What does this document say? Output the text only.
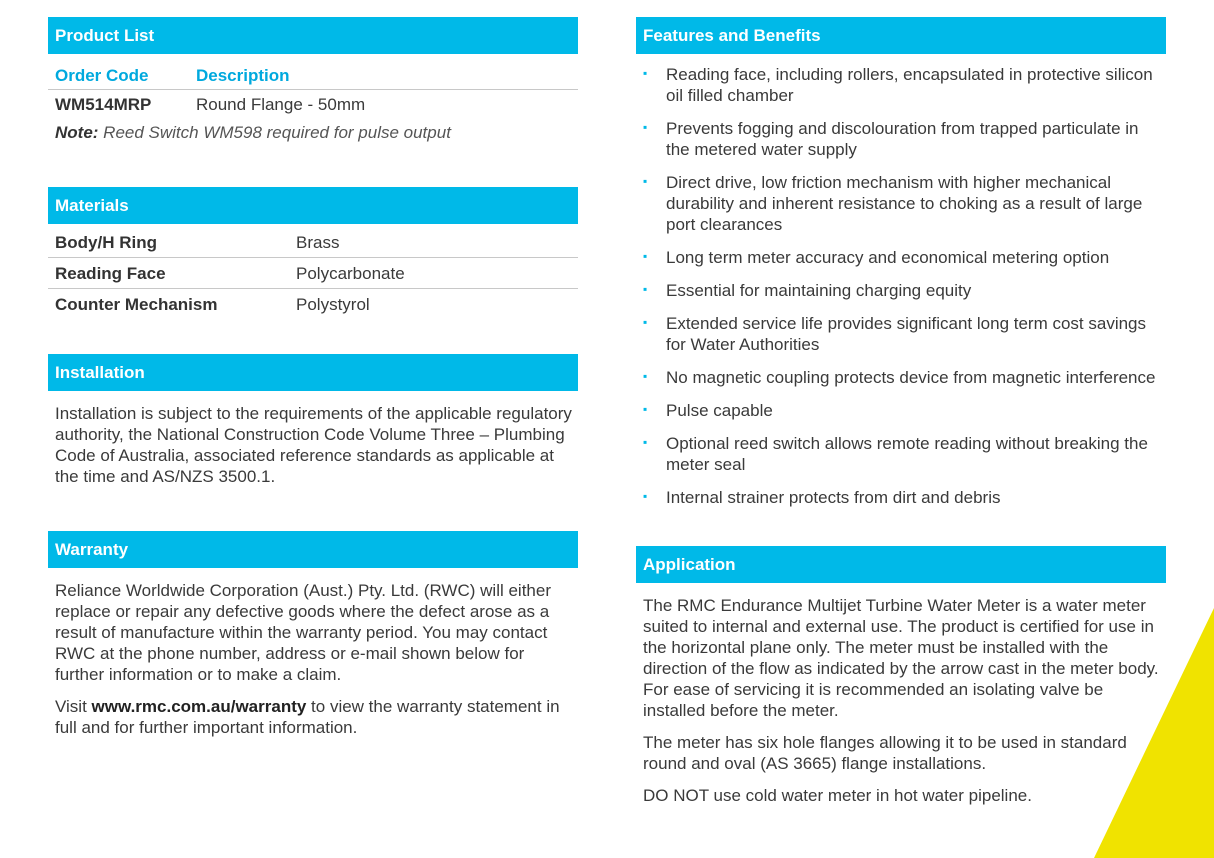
Product List
Order Code	Description
WM514MRP	Round Flange - 50mm
Note: Reed Switch WM598 required for pulse output
Materials
Body/H Ring	Brass
Reading Face	Polycarbonate
Counter Mechanism	Polystyrol
Installation
Installation is subject to the requirements of the applicable regulatory authority, the National Construction Code Volume Three – Plumbing Code of Australia, associated reference standards as applicable at the time and AS/NZS 3500.1.
Warranty
Reliance Worldwide Corporation (Aust.) Pty. Ltd. (RWC) will either replace or repair any defective goods where the defect arose as a result of manufacture within the warranty period. You may contact RWC at the phone number, address or e-mail shown below for further information or to make a claim.
Visit www.rmc.com.au/warranty to view the warranty statement in full and for further important information.
Features and Benefits
▪	Reading face, including rollers, encapsulated in protective silicon oil filled chamber
▪	Prevents fogging and discolouration from trapped particulate in the metered water supply
▪	Direct drive, low friction mechanism with higher mechanical durability and inherent resistance to choking as a result of large port clearances
▪	Long term meter accuracy and economical metering option
▪	Essential for maintaining charging equity
▪	Extended service life provides significant long term cost savings for Water Authorities
▪	No magnetic coupling protects device from magnetic interference
▪	Pulse capable
▪	Optional reed switch allows remote reading without breaking the meter seal
▪	Internal strainer protects from dirt and debris
Application
The RMC Endurance Multijet Turbine Water Meter is a water meter suited to internal and external use. The product is certified for use in the horizontal plane only. The meter must be installed with the direction of the flow as indicated by the arrow cast in the meter body. For ease of servicing it is recommended an isolating valve be installed before the meter.
The meter has six hole flanges allowing it to be used in standard round and oval (AS 3665) flange installations.
DO NOT use cold water meter in hot water pipeline.
